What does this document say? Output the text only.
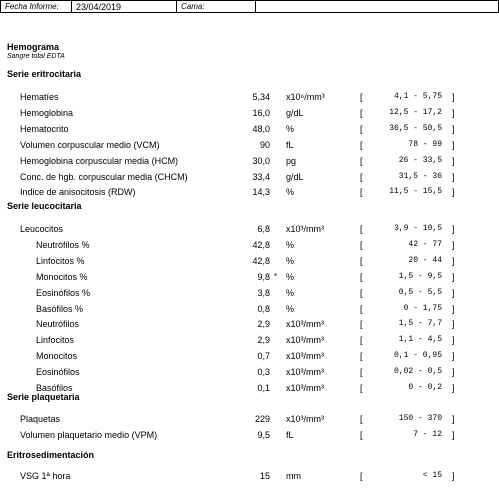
Fecha Informe:	23/04/2019	Cama:	
Hemograma
Sangre total EDTA
Serie eritrocitaria
Hematíes	5,34 x10⁶/mm³	[	4,1 - 5,75 ]
Hemoglobina	16,0 g/dL	[	12,5 - 17,2 ]
Hematocrito	48,0 %	[	36,5 - 50,5 ]
Volumen corpuscular medio (VCM)	90 fL	[	78 - 99 ]
Hemoglobina corpuscular media (HCM)	30,0 pg	[	26 - 33,5 ]
Conc. de hgb. corpuscular media (CHCM)	33,4 g/dL	[	31,5 - 36 ]
Indice de anisocitosis (RDW)	14,3 %	[	11,5 - 15,5 ]
Serie leucocitaria
Leucocitos	6,8 x10³/mm³	[	3,9 - 10,5 ]
Neutrófilos %	42,8 %	[	42 - 77 ]
Linfocitos %	42,8 %	[	20 - 44 ]
Monocitos %	9,8 * %	[	1,5 - 9,5 ]
Eosinófilos %	3,8 %	[	0,5 - 5,5 ]
Basófilos %	0,8 %	[	0 - 1,75 ]
Neutrófilos	2,9 x10³/mm³	[	1,5 - 7,7 ]
Linfocitos	2,9 x10³/mm³	[	1,1 - 4,5 ]
Monocitos	0,7 x10³/mm³	[	0,1 - 0,95 ]
Eosinófilos	0,3 x10³/mm³	[	0,02 - 0,5 ]
Basófilos	0,1 x10³/mm³	[	0 - 0,2 ]
Serie plaquetaria
Plaquetas	229 x10³/mm³	[	150 - 370 ]
Volumen plaquetario medio (VPM)	9,5 fL	[	7 - 12 ]
Eritrosedimentación
VSG 1ª hora	15 mm	[	< 15 ]
